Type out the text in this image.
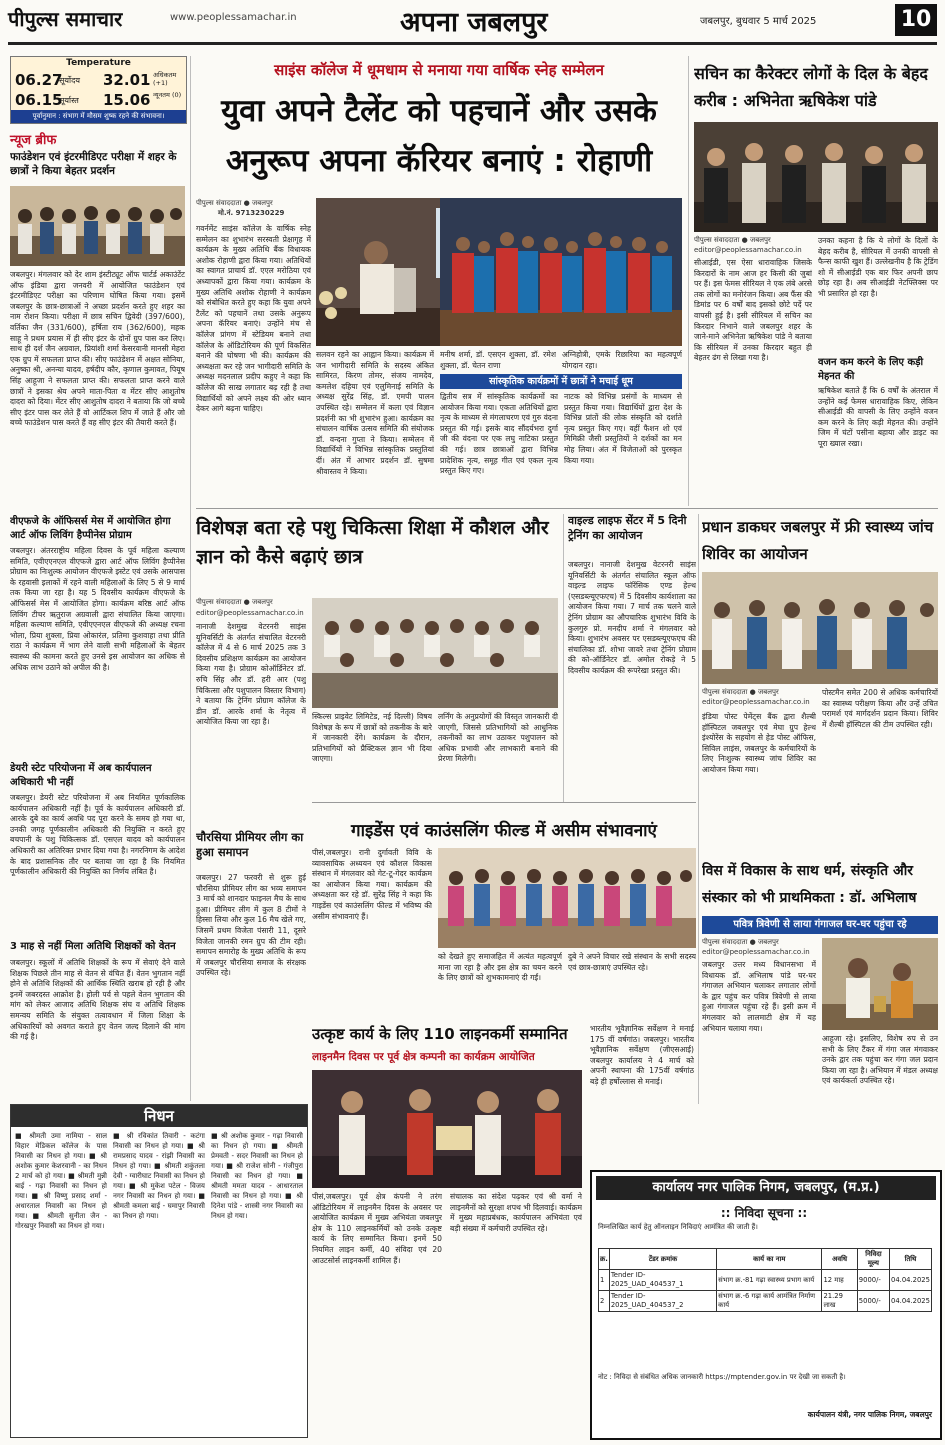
पीपुल्स समाचार	www.peoplessamachar.in	अपना जबलपुर	जबलपुर, बुधवार 5 मार्च 2025	10
Temperature
06.27
सूर्योदय
06.15
सूर्यास्त
32.01 अधिकतम (+1)
15.06 न्यूनतम (0)
पूर्वानुमान : संभाग में मौसम शुष्क रहने की संभावना।
न्यूज ब्रीफ
फाउंडेशन एवं इंटरमीडिएट परीक्षा में शहर के छात्रों ने किया बेहतर प्रदर्शन
जबलपुर। मंगलवार को देर शाम इंस्टीट्यूट ऑफ चार्टर्ड अकाउंटेंट ऑफ इंडिया द्वारा जनवरी में आयोजित फाउंडेशन एवं इंटरमीडिएट परीक्षा का परिणाम घोषित किया गया। इसमें जबलपुर के छात्र-छात्राओं ने अच्छा प्रदर्शन करते हुए शहर का नाम रोशन किया। परीक्षा में छात्र सचिन द्विवेदी (397/600), वर्तिका जैन (331/600), हर्षिता राय (362/600), महक साहू ने प्रथम प्रयास में ही सीए इंटर के दोनों ग्रुप पास कर लिए। साथ ही दर्श जैन अग्रवाल, प्रियांशी शर्मा केसरवानी मानसी मेहरा एक ग्रुप में सफलता प्राप्त की। सीए फाउंडेशन में अक्षत सोनिया, अनुष्का श्री, अनन्या यादव, हर्षदीप कौर, कृणाल कुमावत, पियूष सिंह आहूजा ने सफलता प्राप्त की। सफलता प्राप्त करने वाले छात्रों ने इसका श्रेय अपने माता-पिता व मेंटर सीए आशुतोष दादरा को दिया। मेंटर सीए आशुतोष दादरा ने बताया कि जो बच्चे सीए इंटर पास कर लेते हैं वो आर्टिकल शिप में जाते हैं और जो बच्चे फाउंडेशन पास करते हैं वह सीए इंटर की तैयारी करते हैं।
वीएफजे के ऑफिसर्स मेस में आयोजित होगा आर्ट ऑफ लिविंग हैप्पीनेस प्रोग्राम
जबलपुर। अंतरराष्ट्रीय महिला दिवस के पूर्व महिला कल्याण समिति, एवीएएनएल वीएफजे द्वारा आर्ट ऑफ लिविंग हैप्पीनेस प्रोग्राम का निःशुल्क आयोजन वीएफजे इस्टेट एवं उसके आसपास के रहवासी इलाकों में रहने वाली महिलाओं के लिए 5 से 9 मार्च तक किया जा रहा है। यह 5 दिवसीय कार्यक्रम वीएफजे के ऑफिसर्स मेस में आयोजित होगा। कार्यक्रम बरिष्ठ आर्ट ऑफ लिविंग टीचर ऋतुराज अग्रवाली द्वारा संचालित किया जाएगा। महिला कल्याण समिति, एवीएएनएल वीएफजे की अध्यक्ष रचना भोला, प्रिया शुक्ला, प्रिया ओकारंल, प्रतिमा कुशवाहा तथा प्रीति राठा ने कार्यक्रम में भाग लेने वाली सभी महिलाओं के बेहतर स्वास्थ्य की कामना करते हुए उनसे इस आयोजन का अधिक से अधिक लाभ उठाने को अपील की है।
डेयरी स्टेट परियोजना में अब कार्यपालन अधिकारी भी नहीं
जबलपुर। डेयरी स्टेट परियोजना में अब नियमित पूर्णकालिक कार्यपालन अधिकारी नहीं है। पूर्व के कार्यपालन अधिकारी डॉ. आरके दुबे का कार्य अवधि पद पूरा करने के समय हो गया था, उनकी जगह पूर्णकालीन अधिकारी की नियुक्ति न करते हुए बचपानी के पशु चिकित्सक डॉ. एसएल यादव को कार्यपालन अधिकारी का अतिरिक्त प्रभार दिया गया है। नगरनिगम के आदेश के बाद प्रशासनिक तौर पर बताया जा रहा है कि नियमित पूर्णकालीन अधिकारी की नियुक्ति का निर्णय लंबित है।
3 माह से नहीं मिला अतिथि शिक्षकों को वेतन
जबलपुर। स्कूलों में अतिथि शिक्षकों के रूप में सेवाएं देने वाले शिक्षक पिछले तीन माह से वेतन से वंचित हैं। वेतन भुगतान नहीं होने से अतिथि शिक्षकों की आर्थिक स्थिति खराब हो रही है और इनमें जबरदस्त आक्रोश है। होली पर्व से पहले वेतन भुगतान की मांग को लेकर आजाद अतिथि शिक्षक संघ व अतिथि शिक्षक समन्वय समिति के संयुक्त तत्वावधान में जिला शिक्षा के अधिकारियों को अवगत कराते हुए वेतन जल्द दिलाने की मांग की गई है।
साइंस कॉलेज में धूमधाम से मनाया गया वार्षिक स्नेह सम्मेलन
युवा अपने टैलेंट को पहचानें और उसके अनुरूप अपना कॅरियर बनाएं : रोहाणी
पीपुल्स संवाददाता ● जबलपुर
मो.नं. 9713230229
गवर्नमेंट साइंस कॉलेज के वार्षिक स्नेह सम्मेलन का शुभारंभ सरस्वती प्रेक्षागृह में कार्यक्रम के मुख्य अतिथि बैंक विधायक अशोक रोहाणी द्वारा किया गया। अतिथियों का स्वागत प्राचार्य डॉ. एएल मरोठिया एवं अध्यापकों द्वारा किया गया। कार्यक्रम के मुख्य अतिथि अशोक रोहाणी ने कार्यक्रम को संबोधित करते हुए कहा कि युवा अपने टैलेंट को पहचानें तथा उसके अनुरूप अपना कॅरियर बनाएं। उन्होंने मंच से कॉलेज प्रांगण में स्टेडियम बनाने तथा कॉलेज के ऑडिटोरियम की पूर्ण विकसित बनाने की घोषणा भी की। कार्यक्रम की अध्यक्षता कर रहे जन भागीदारी समिति के अध्यक्ष मदनलाल प्रदीप कहुए ने कहा कि कॉलेज की साख लगातार बढ़ रही है तथा विद्यार्थियों को अपने लक्ष्य की ओर ध्यान देकर आगे बढ़ना चाहिए।
सलवन रहने का आह्वान किया। कार्यक्रम में जन भागीदारी समिति के सदस्य अंकित सामिरत, किरण तोमर, संजय नामदेव, कमलेश दहिया एवं एलुमिनाई समिति के अध्यक्ष सुरेंद्र सिंह, डॉ. एमपी पालन उपस्थित रहे। सम्मेलन में कला एवं विज्ञान प्रदर्शनी का भी शुभारंभ हुआ। कार्यक्रम का संचालन वार्षिक उत्सव समिति की संयोजक डॉ. वन्दना गुप्ता ने किया। सम्मेलन में विद्यार्थियों ने विभिन्न सांस्कृतिक प्रस्तुतियां दीं। अंत में आभार प्रदर्शन डॉ. सुषमा श्रीवास्तव ने किया।
मनीष शर्मा, डॉ. एसएन शुक्ला, डॉ. रमेश शुक्ला, डॉ. चेतन राणा
अग्निहोत्री, एमके रिछारिया का महत्वपूर्ण योगदान रहा।
सांस्कृतिक कार्यक्रमों में छात्रों ने मचाई धूम
द्वितीय सत्र में सांस्कृतिक कार्यक्रमों का आयोजन किया गया। एकता अतिथियों द्वारा नृत्य के माध्यम से मंगलाचरण एवं गुरु वंदना प्रस्तुत की गई। इसके बाद सौंदर्यभरा दुर्गा जी की वंदना पर एक लघु नाटिका प्रस्तुत की गई। छात्र छात्राओं द्वारा विभिन्न प्रादेशिक नृत्य, समूह गीत एवं एकल नृत्य प्रस्तुत किए गए।
नाटक को विभिन्न प्रसंगों के माध्यम से प्रस्तुत किया गया। विद्यार्थियों द्वारा देश के विभिन्न प्रांतों की लोक संस्कृति को दर्शाते नृत्य प्रस्तुत किए गए। वहीं फैशन शो एवं मिमिक्री जैसी प्रस्तुतियों ने दर्शकों का मन मोह लिया। अंत में विजेताओं को पुरस्कृत किया गया।
सचिन का कैरेक्टर लोगों के दिल के बेहद करीब : अभिनेता ऋषिकेश पांडे
पीपुल्स संवाददाता ● जबलपुर
editor@peoplessamachar.co.in
सीआईडी, एस ऐसा धारावाहिक जिसके किरदारों के नाम आज हर किसी की जुबां पर हैं। इस फेमस सीरियल ने एक लंबे अरसे तक लोगों का मनोरंजन किया। अब फैंस की डिमांड पर 6 वर्षों बाद इसको छोटे पर्दे पर वापसी हुई है। इसी सीरियल में सचिन का किरदार निभाने वाले जबलपुर शहर के जाने-माने अभिनेता ऋषिकेश पांडे ने बताया कि सीरियल में उनका किरदार बहुत ही बेहतर ढंग से लिखा गया है।
उनका कहना है कि ये लोगों के दिलों के बेहद करीब है, सीरियल में उनकी वापसी से फैन्स काफी खुश हैं। उल्लेखनीय है कि ट्रेडिंग शो में सीआईडी एक बार फिर अपनी छाप छोड़ रहा है। अब सीआईडी नेटफ्लिक्स पर भी प्रसारित हो रहा है।
वजन कम करने के लिए कड़ी मेहनत की
ऋषिकेश बताते हैं कि 6 वर्षों के अंतराल में उन्होंने कई फेमस धारावाहिक किए, लेकिन सीआईडी की वापसी के लिए उन्होंने वजन कम करने के लिए कड़ी मेहनत की। उन्होंने जिम में घंटों पसीना बहाया और डाइट का पूरा ख्याल रखा।
विशेषज्ञ बता रहे पशु चिकित्सा शिक्षा में कौशल और ज्ञान को कैसे बढ़ाएं छात्र
पीपुल्स संवाददाता ● जबलपुर
editor@peoplessamachar.co.in
नानाजी देशमुख वेटरनरी साइंस यूनिवर्सिटी के अंतर्गत संचालित वेटरनरी कॉलेज में 4 से 6 मार्च 2025 तक 3 दिवसीय प्रशिक्षण कार्यक्रम का आयोजन किया गया है। प्रोग्राम कोऑर्डिनेटर डॉ. रुचि सिंह और डॉ. हरी आर (पशु चिकित्सा और पशुपालन विस्तार विभाग) ने बताया कि ट्रेनिंग प्रोग्राम कॉलेज के डीन डॉ. आरके शर्मा के नेतृत्व में आयोजित किया जा रहा है।
स्किल्स प्राइवेट लिमिटेड, नई दिल्ली) विषय विशेषज्ञ के रूप में छात्रों को तकनीक के बारे में जानकारी देंगे। कार्यक्रम के दौरान, प्रतिभागियों को प्रैक्टिकल ज्ञान भी दिया जाएगा।
लर्निंग के अनुप्रयोगों की विस्तृत जानकारी दी जाएगी, जिससे प्रतिभागियों को आधुनिक तकनीकों का लाभ उठाकर पशुपालन को अधिक प्रभावी और लाभकारी बनाने की प्रेरणा मिलेगी।
चौरसिया प्रीमियर लीग का हुआ समापन
जबलपुर। 27 फरवरी से शुरू हुई चौरसिया प्रीमियर लीग का भव्य समापन 3 मार्च को शानदार फाइनल मैच के साथ हुआ। प्रीमियर लीग में कुल 8 टीमों ने हिस्सा लिया और कुल 16 मैच खेले गए, जिसमें प्रथम विजेता पंसारी 11, दूसरे विजेता जानकी रमन ग्रुप की टीम रही। समापन समारोह के मुख्य अतिथि के रूप में जबलपुर चौरसिया समाज के संरक्षक उपस्थित रहे।
वाइल्ड लाइफ सेंटर में 5 दिनी ट्रेनिंग का आयोजन
जबलपुर। नानाजी देशमुख वेटरनरी साइंस यूनिवर्सिटी के अंतर्गत संचालित स्कूल ऑफ वाइल्ड लाइफ फॉरेंसिक एण्ड हेल्थ (एसडब्ल्यूएफएच) में 5 दिवसीय कार्यशाला का आयोजन किया गया। 7 मार्च तक चलने वाले ट्रेनिंग प्रोग्राम का औपचारिक शुभारंभ विवि के कुलगुरु प्रो. मनदीप शर्मा ने मंगलवार को किया। शुभारंभ अवसर पर एसडब्ल्यूएफएच की संचालिका डॉ. शोभा जावरे तथा ट्रेनिंग प्रोग्राम की को-ऑर्डिनेटर डॉ. अमोल रोकड़े ने 5 दिवसीय कार्यक्रम की रूपरेखा प्रस्तुत की।
प्रधान डाकघर जबलपुर में फ्री स्वास्थ्य जांच शिविर का आयोजन
पीपुल्स संवाददाता ● जबलपुर
editor@peoplessamachar.co.in
इंडिया पोस्ट पेमेंट्स बैंक द्वारा शैल्बी हॉस्पिटल जबलपुर एवं मेघा ग्रुप हेल्थ इंश्योरेंस के सहयोग से हेड पोस्ट ऑफिस, सिविल लाइंस, जबलपुर के कर्मचारियों के लिए निःशुल्क स्वास्थ्य जांच शिविर का आयोजन किया गया।
पोस्टमैन समेत 200 से अधिक कर्मचारियों का स्वास्थ्य परीक्षण किया और उन्हें उचित परामर्श एवं मार्गदर्शन प्रदान किया। शिविर में शैल्बी हॉस्पिटल की टीम उपस्थित रही।
गाइडेंस एवं काउंसलिंग फील्ड में असीम संभावनाएं
पीसं,जबलपुर। रानी दुर्गावती विवि के व्यावसायिक अध्ययन एवं कौशल विकास संस्थान में मंगलवार को गेट-टू-गेदर कार्यक्रम का आयोजन किया गया। कार्यक्रम की अध्यक्षता कर रहे डॉ. सुरेंद्र सिंह ने कहा कि गाइडेंस एवं काउंसलिंग फील्ड में भविष्य की असीम संभावनाएं हैं।
को देखते हुए समाजहित में अत्यंत महत्वपूर्ण माना जा रहा है और इस क्षेत्र का चयन करने के लिए छात्रों को शुभकामनाएं दी गईं।
दुबे ने अपने विचार रखे संस्थान के सभी सदस्य एवं छात्र-छात्राएं उपस्थित रहे।
विस में विकास के साथ धर्म, संस्कृति और संस्कार को भी प्राथमिकता : डॉ. अभिलाष
पवित्र त्रिवेणी से लाया गंगाजल घर-घर पहुंचा रहे
पीपुल्स संवाददाता ● जबलपुर
editor@peoplessamachar.co.in
जबलपुर उत्तर मध्य विधानसभा में विधायक डॉ. अभिलाष पांडे घर-घर गंगाजल अभियान चलाकर लगातार लोगों के द्वार पहुंच कर पवित्र त्रिवेणी से लाया हुआ गंगाजल पहुंचा रहे हैं। इसी क्रम में मंगलवार को लालमाटी क्षेत्र में यह अभियान चलाया गया।
आहूजा रहे। इसलिए, विशेष रुप से उन सभी के लिए टैंकर में गंगा जल मंगवाकर उनके द्वार तक पहुंचा कर गंगा जल प्रदान किया जा रहा है। अभियान में मंडल अध्यक्ष एवं कार्यकर्ता उपस्थित रहे।
निधन
■ श्रीमती उमा नामिया - साल विहार मेडिकल कॉलेज के पास निवासी का निधन हो गया। ■ श्री अशोक कुमार केशरवानी - का निधन 2 मार्च को हो गया। ■ श्रीमती मुन्नी बाई - गढ़ा निवासी का निधन हो गया। ■ श्री विष्णु प्रसाद शर्मा - अधारताल निवासी का निधन हो गया। ■ श्रीमती सुनीता जैन - गोरखपुर निवासी का निधन हो गया।
■ श्री रविकांत तिवारी - कटंगा निवासी का निधन हो गया। ■ श्री रामप्रसाद यादव - रांझी निवासी का निधन हो गया। ■ श्रीमती शकुंतला देवी - ग्वारीघाट निवासी का निधन हो गया। ■ श्री मुकेश पटेल - विजय नगर निवासी का निधन हो गया। ■ श्रीमती कमला बाई - घमापुर निवासी का निधन हो गया।
■ श्री अशोक कुमार - गढ़ा निवासी का निधन हो गया। ■ श्रीमती प्रेमवती - सदर निवासी का निधन हो गया। ■ श्री राजेश सोनी - गंजीपुरा निवासी का निधन हो गया। ■ श्रीमती ममता यादव - आधारताल निवासी का निधन हो गया। ■ श्री दिनेश पांडे - शास्त्री नगर निवासी का निधन हो गया।
उत्कृष्ट कार्य के लिए 110 लाइनकर्मी सम्मानित
लाइनमैन दिवस पर पूर्व क्षेत्र कम्पनी का कार्यक्रम आयोजित
पीसं,जबलपुर। पूर्व क्षेत्र कंपनी ने तरंग ऑडिटोरियम में लाइनमैन दिवस के अवसर पर आयोजित कार्यक्रम में मुख्य अभियंता जबलपुर क्षेत्र के 110 लाइनकर्मियों को उनके उत्कृष्ट कार्य के लिए सम्मानित किया। इनमें 50 नियमित लाइन कर्मी, 40 संविदा एवं 20 आउटसोर्स लाइनकर्मी शामिल हैं।
संचालक का संदेश पढ़कर एवं श्री वर्मा ने लाइनमैनों को सुरक्षा शपथ भी दिलवाई। कार्यक्रम में मुख्य महाप्रबंधक, कार्यपालन अभियंता एवं बड़ी संख्या में कर्मचारी उपस्थित रहे।
भारतीय भूवैज्ञानिक सर्वेक्षण ने मनाई 175 वीं वर्षगांठ। जबलपुर। भारतीय भूवैज्ञानिक सर्वेक्षण (जीएसआई) जबलपुर कार्यालय ने 4 मार्च को अपनी स्थापना की 175वीं वर्षगांठ बड़े ही हर्षोल्लास से मनाई।
कार्यालय नगर पालिक निगम, जबलपुर, (म.प्र.)
:: निविदा सूचना ::
निम्नलिखित कार्य हेतु ऑनलाइन निविदाएं आमंत्रित की जाती हैं।
क्र.	टेंडर क्रमांक	कार्य का नाम	अवधि	निविदा मूल्य	तिथि
1	Tender ID-2025_UAD_404537_1	संभाग क्र.-81 गढ़ा स्वास्थ्य प्रभाग कार्य	12 माह	9000/-	04.04.2025
2	Tender ID-2025_UAD_404537_2	संभाग क्र.-6 गढ़ा कार्य आमंत्रित निर्माण कार्य	21.29 लाख	5000/-	04.04.2025
नोट : निविदा से संबंधित अधिक जानकारी https://mptender.gov.in पर देखी जा सकती है।
कार्यपालन यंत्री, नगर पालिक निगम, जबलपुर
